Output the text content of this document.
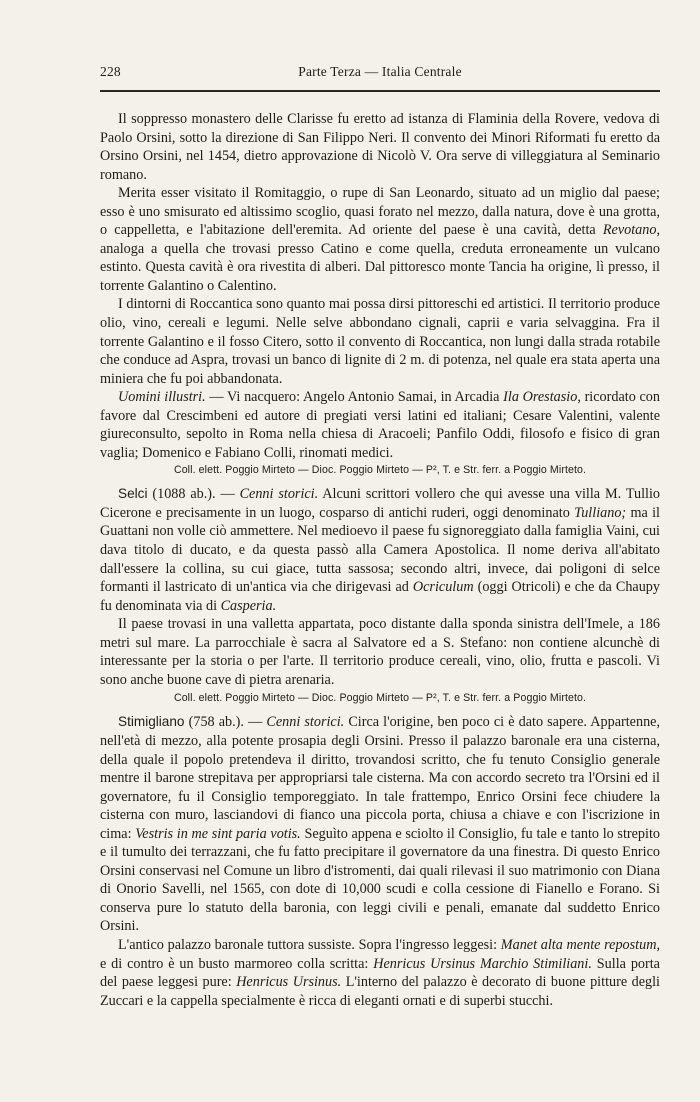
228	Parte Terza — Italia Centrale

Il soppresso monastero delle Clarisse fu eretto ad istanza di Flaminia della Rovere, vedova di Paolo Orsini, sotto la direzione di San Filippo Neri. Il convento dei Minori Riformati fu eretto da Orsino Orsini, nel 1454, dietro approvazione di Nicolò V. Ora serve di villeggiatura al Seminario romano.

Merita esser visitato il Romitaggio, o rupe di San Leonardo, situato ad un miglio dal paese; esso è uno smisurato ed altissimo scoglio, quasi forato nel mezzo, dalla natura, dove è una grotta, o cappelletta, e l'abitazione dell'eremita. Ad oriente del paese è una cavità, detta Revotano, analoga a quella che trovasi presso Catino e come quella, creduta erroneamente un vulcano estinto. Questa cavità è ora rivestita di alberi. Dal pittoresco monte Tancia ha origine, lì presso, il torrente Galantino o Calentino.

I dintorni di Roccantica sono quanto mai possa dirsi pittoreschi ed artistici. Il territorio produce olio, vino, cereali e legumi. Nelle selve abbondano cignali, caprii e varia selvaggina. Fra il torrente Galantino e il fosso Citero, sotto il convento di Roccantica, non lungi dalla strada rotabile che conduce ad Aspra, trovasi un banco di lignite di 2 m. di potenza, nel quale era stata aperta una miniera che fu poi abbandonata.

Uomini illustri. — Vi nacquero: Angelo Antonio Samai, in Arcadia Ila Orestasio, ricordato con favore dal Crescimbeni ed autore di pregiati versi latini ed italiani; Cesare Valentini, valente giureconsulto, sepolto in Roma nella chiesa di Aracoeli; Panfilo Oddi, filosofo e fisico di gran vaglia; Domenico e Fabiano Colli, rinomati medici.

Coll. elett. Poggio Mirteto — Dioc. Poggio Mirteto — P², T. e Str. ferr. a Poggio Mirteto.

Selci (1088 ab.). — Cenni storici. Alcuni scrittori vollero che qui avesse una villa M. Tullio Cicerone e precisamente in un luogo, cosparso di antichi ruderi, oggi denominato Tulliano; ma il Guattani non volle ciò ammettere. Nel medioevo il paese fu signoreggiato dalla famiglia Vaini, cui dava titolo di ducato, e da questa passò alla Camera Apostolica. Il nome deriva all'abitato dall'essere la collina, su cui giace, tutta sassosa; secondo altri, invece, dai poligoni di selce formanti il lastricato di un'antica via che dirigevasi ad Ocriculum (oggi Otricoli) e che da Chaupy fu denominata via di Casperia.

Il paese trovasi in una valletta appartata, poco distante dalla sponda sinistra dell'Imele, a 186 metri sul mare. La parrocchiale è sacra al Salvatore ed a S. Stefano: non contiene alcunchè di interessante per la storia o per l'arte. Il territorio produce cereali, vino, olio, frutta e pascoli. Vi sono anche buone cave di pietra arenaria.

Coll. elett. Poggio Mirteto — Dioc. Poggio Mirteto — P², T. e Str. ferr. a Poggio Mirteto.

Stimigliano (758 ab.). — Cenni storici. Circa l'origine, ben poco ci è dato sapere. Appartenne, nell'età di mezzo, alla potente prosapia degli Orsini. Presso il palazzo baronale era una cisterna, della quale il popolo pretendeva il diritto, trovandosi scritto, che fu tenuto Consiglio generale mentre il barone strepitava per appropriarsi tale cisterna. Ma con accordo secreto tra l'Orsini ed il governatore, fu il Consiglio temporeggiato. In tale frattempo, Enrico Orsini fece chiudere la cisterna con muro, lasciandovi di fianco una piccola porta, chiusa a chiave e con l'iscrizione in cima: Vestris in me sint paria votis. Seguìto appena e sciolto il Consiglio, fu tale e tanto lo strepito e il tumulto dei terrazzani, che fu fatto precipitare il governatore da una finestra. Di questo Enrico Orsini conservasi nel Comune un libro d'istromenti, dai quali rilevasi il suo matrimonio con Diana di Onorio Savelli, nel 1565, con dote di 10,000 scudi e colla cessione di Fianello e Forano. Si conserva pure lo statuto della baronia, con leggi civili e penali, emanate dal suddetto Enrico Orsini.

L'antico palazzo baronale tuttora sussiste. Sopra l'ingresso leggesi: Manet alta mente repostum, e di contro è un busto marmoreo colla scritta: Henricus Ursinus Marchio Stimiliani. Sulla porta del paese leggesi pure: Henricus Ursinus. L'interno del palazzo è decorato di buone pitture degli Zuccari e la cappella specialmente è ricca di eleganti ornati e di superbi stucchi.
